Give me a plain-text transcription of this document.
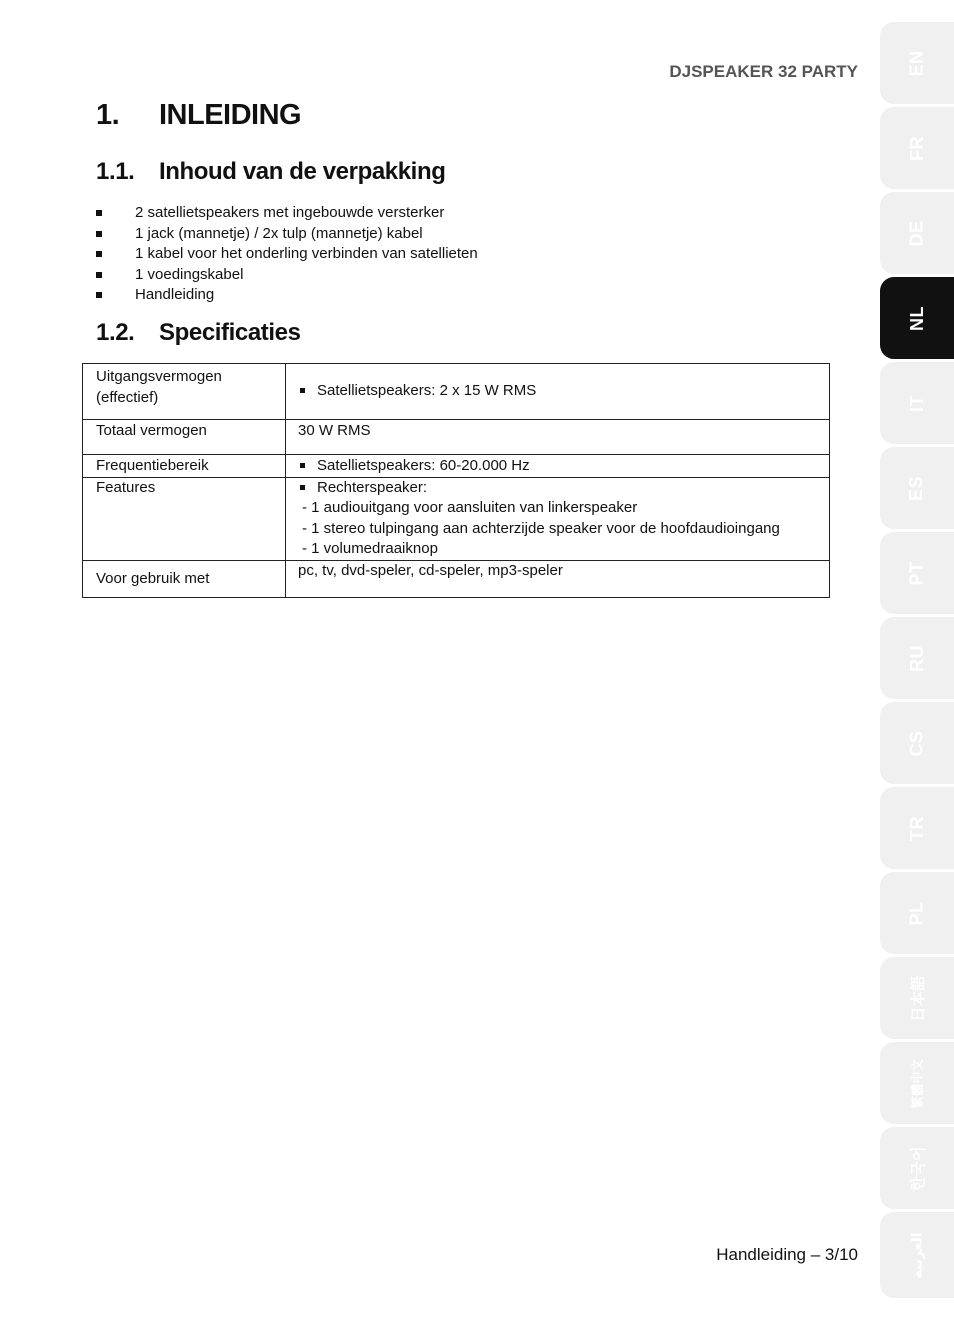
DJSPEAKER 32 PARTY
1. INLEIDING
1.1. Inhoud van de verpakking
2 satellietspeakers met ingebouwde versterker
1 jack (mannetje) / 2x tulp (mannetje) kabel
1 kabel voor het onderling verbinden van satellieten
1 voedingskabel
Handleiding
1.2. Specificaties
Uitgangsvermogen (effectief)	Satellietspeakers: 2 x 15 W RMS

Totaal vermogen	30 W RMS
Frequentiebereik	Satellietspeakers: 60-20.000 Hz

Features	Rechterspeaker:
- 1 audiouitgang voor aansluiten van linkerspeaker
- 1 stereo tulpingang aan achterzijde speaker voor de hoofdaudioingang
- 1 volumedraaiknop

Voor gebruik met	pc, tv, dvd-speler, cd-speler, mp3-speler
Handleiding – 3/10
EN
FR
DE
NL
IT
ES
PT
RU
CS
TR
PL
日本語
繁體中文
한국어
العربية
